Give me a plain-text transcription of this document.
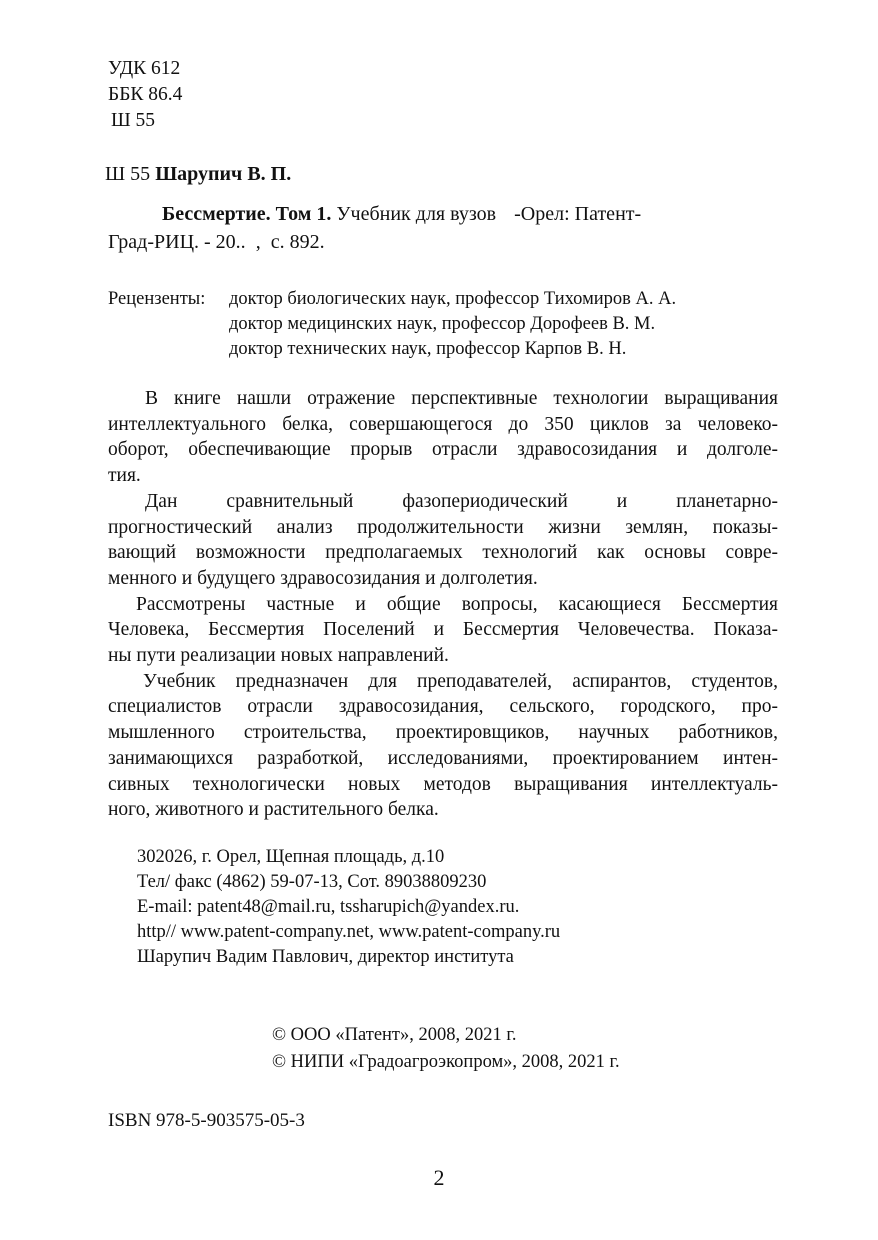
УДК 612
ББК 86.4
Ш 55
Ш 55 Шарупич В. П.
Бессмертие. Том 1. Учебник для вузов -Орел: Патент-
Град-РИЦ. - 20.. , с. 892.
Рецензенты:	доктор биологических наук, профессор Тихомиров А. А.
доктор медицинских наук, профессор Дорофеев В. М.
доктор технических наук, профессор Карпов В. Н.
В книге нашли отражение перспективные технологии выращивания
интеллектуального белка, совершающегося до 350 циклов за человеко-
оборот, обеспечивающие прорыв отрасли здравосозидания и долголе-
тия.
Дан сравнительный фазопериодический и планетарно-
прогностический анализ продолжительности жизни землян, показы-
вающий возможности предполагаемых технологий как основы совре-
менного и будущего здравосозидания и долголетия.
Рассмотрены частные и общие вопросы, касающиеся Бессмертия
Человека, Бессмертия Поселений и Бессмертия Человечества. Показа-
ны пути реализации новых направлений.
Учебник предназначен для преподавателей, аспирантов, студентов,
специалистов отрасли здравосозидания, сельского, городского, про-
мышленного строительства, проектировщиков, научных работников,
занимающихся разработкой, исследованиями, проектированием интен-
сивных технологически новых методов выращивания интеллектуаль-
ного, животного и растительного белка.
302026, г. Орел, Щепная площадь, д.10
Тел/ факс (4862) 59-07-13, Сот. 89038809230
E-mail: patent48@mail.ru, tssharupich@yandex.ru.
http// www.patent-company.net, www.patent-company.ru
Шарупич Вадим Павлович, директор института
© ООО «Патент», 2008, 2021 г.
© НИПИ «Градоагроэкопром», 2008, 2021 г.
ISBN 978-5-903575-05-3
2
